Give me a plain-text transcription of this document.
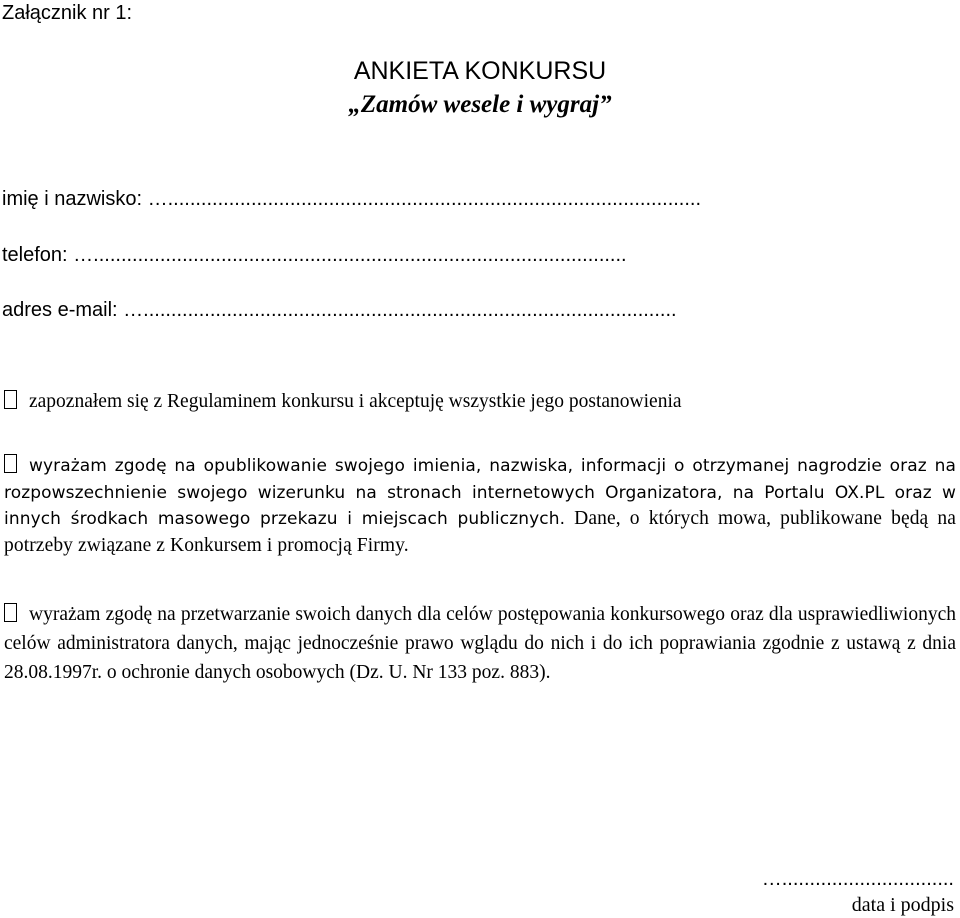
Załącznik nr 1:
ANKIETA KONKURSU
„Zamów wesele i wygraj”
imię i nazwisko: …................................................................................................
telefon: …................................................................................................
adres e-mail: …................................................................................................
zapoznałem się z Regulaminem konkursu i akceptuję wszystkie jego postanowienia
wyrażam zgodę na opublikowanie swojego imienia, nazwiska, informacji o otrzymanej nagrodzie oraz na rozpowszechnienie swojego wizerunku na stronach internetowych Organizatora, na Portalu OX.PL oraz w innych środkach masowego przekazu i miejscach publicznych. Dane, o których mowa, publikowane będą na potrzeby związane z Konkursem i promocją Firmy.
wyrażam zgodę na przetwarzanie swoich danych dla celów postępowania konkursowego oraz dla usprawiedliwionych celów administratora danych, mając jednocześnie prawo wglądu do nich i do ich poprawiania zgodnie z ustawą z dnia 28.08.1997r. o ochronie danych osobowych (Dz. U. Nr 133 poz. 883).
…...............................
data i podpis
